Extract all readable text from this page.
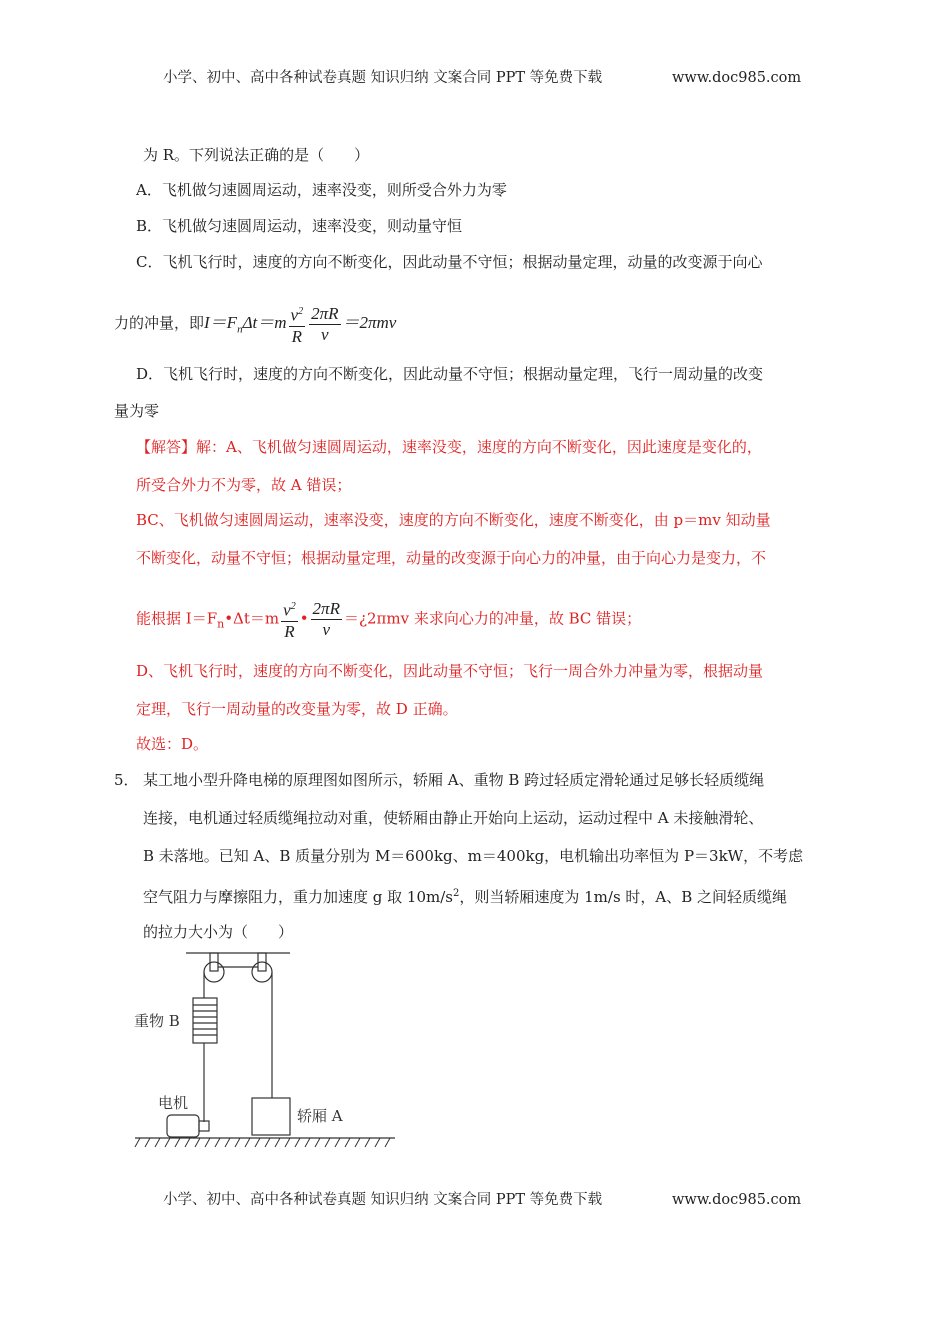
小学、初中、高中各种试卷真题 知识归纳 文案合同 PPT 等免费下载	www.doc985.com
为 R。下列说法正确的是（　　）
A．飞机做匀速圆周运动，速率没变，则所受合外力为零
B．飞机做匀速圆周运动，速率没变，则动量守恒
C．飞机飞行时，速度的方向不断变化，因此动量不守恒；根据动量定理，动量的改变源于向心
力的冲量，即$I=F_n\Delta t=m \frac{v^2}{R} \frac{2\pi R}{v} =2\pi mv$
D．飞机飞行时，速度的方向不断变化，因此动量不守恒；根据动量定理，飞行一周动量的改变
量为零
【解答】解：A、飞机做匀速圆周运动，速率没变，速度的方向不断变化，因此速度是变化的，
所受合外力不为零，故 A 错误；
BC、飞机做匀速圆周运动，速率没变，速度的方向不断变化，速度不断变化，由 p＝mv 知动量
不断变化，动量不守恒；根据动量定理，动量的改变源于向心力的冲量，由于向心力是变力，不
能根据 $I=F_n•\Delta t=m \frac{v^2}{R}$ • $\frac{2\pi R}{v}$ ＝¿2πmv 来求向心力的冲量，故 BC 错误；
D、飞机飞行时，速度的方向不断变化，因此动量不守恒；飞行一周合外力冲量为零，根据动量
定理，飞行一周动量的改变量为零，故 D 正确。
故选：D。
5． 某工地小型升降电梯的原理图如图所示，轿厢 A、重物 B 跨过轻质定滑轮通过足够长轻质缆绳
连接，电机通过轻质缆绳拉动对重，使轿厢由静止开始向上运动，运动过程中 A 未接触滑轮、
B 未落地。已知 A、B 质量分别为 M＝600kg、m＝400kg，电机输出功率恒为 P＝3kW，不考虑
空气阻力与摩擦阻力，重力加速度 g 取 $10m/s^2$，则当轿厢速度为 1m/s 时，A、B 之间轻质缆绳
的拉力大小为（　　）
重物 B
电机
轿厢 A
小学、初中、高中各种试卷真题 知识归纳 文案合同 PPT 等免费下载	www.doc985.com
